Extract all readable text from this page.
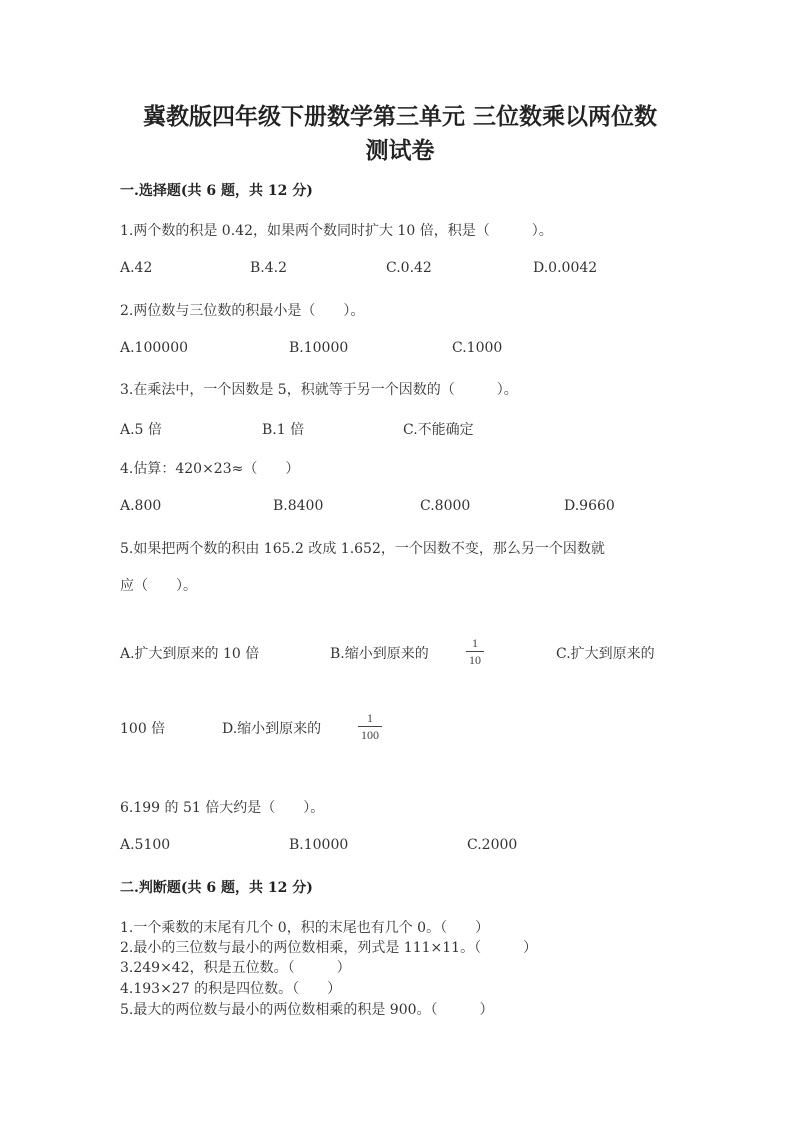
冀教版四年级下册数学第三单元 三位数乘以两位数
测试卷
一.选择题(共 6 题，共 12 分)
1.两个数的积是 0.42，如果两个数同时扩大 10 倍，积是（　　　）。
A.42	B.4.2	C.0.42	D.0.0042
2.两位数与三位数的积最小是（　　）。
A.100000	B.10000	C.1000
3.在乘法中，一个因数是 5，积就等于另一个因数的（　　　）。
A.5 倍	B.1 倍	C.不能确定
4.估算：420×23≈（　　）
A.800	B.8400	C.8000	D.9660
5.如果把两个数的积由 165.2 改成 1.652，一个因数不变，那么另一个因数就
应（　　）。
A.扩大到原来的 10 倍	B.缩小到原来的
1
10	C.扩大到原来的
100 倍	D.缩小到原来的
1
100
6.199 的 51 倍大约是（　　）。
A.5100	B.10000	C.2000
二.判断题(共 6 题，共 12 分)
1.一个乘数的末尾有几个 0，积的末尾也有几个 0。（　　）
2.最小的三位数与最小的两位数相乘，列式是 111×11。（　　　）
3.249×42，积是五位数。（　　　）
4.193×27 的积是四位数。（　　）
5.最大的两位数与最小的两位数相乘的积是 900。（　　　）
